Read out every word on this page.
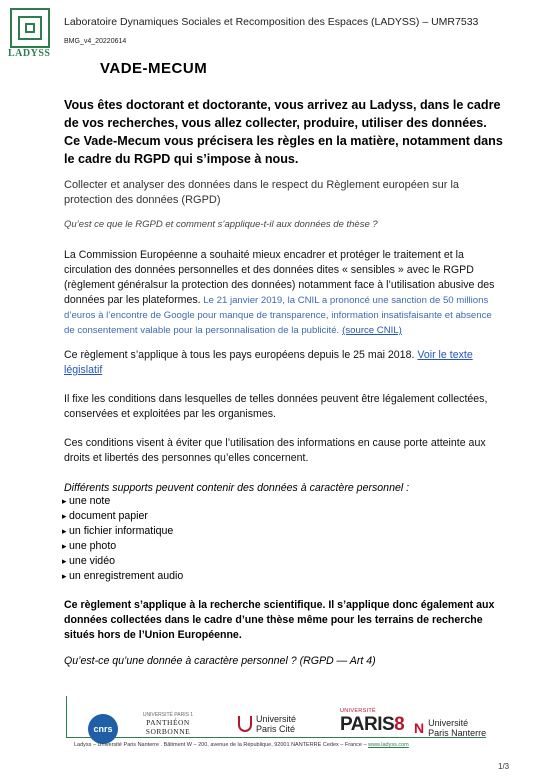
LADYSS
Laboratoire Dynamiques Sociales et Recomposition des Espaces (LADYSS) – UMR7533
BMG_v4_20220614
VADE-MECUM
Vous êtes doctorant et doctorante, vous arrivez au Ladyss, dans le cadre de vos recherches, vous allez collecter, produire, utiliser des données. Ce Vade-Mecum vous précisera les règles en la matière, notamment dans le cadre du RGPD qui s’impose à nous.
Collecter et analyser des données dans le respect du Règlement européen sur la protection des données (RGPD)
Qu’est ce que le RGPD et comment s’applique-t-il aux données de thèse ?
La Commission Européenne a souhaité mieux encadrer et protéger le traitement et la circulation des données personnelles et des données dites « sensibles » avec le RGPD (règlement généralsur la protection des données) notamment face à l’utilisation abusive des données par les plateformes. Le 21 janvier 2019, la CNIL a prononcé une sanction de 50 millions d’euros à l’encontre de Google pour manque de transparence, information insatisfaisante et absence de consentement valable pour la personnalisation de la publicité. (source CNIL)
Ce règlement s’applique à tous les pays européens depuis le 25 mai 2018. Voir le texte législatif
Il fixe les conditions dans lesquelles de telles données peuvent être légalement collectées, conservées et exploitées par les organismes.
Ces conditions visent à éviter que l’utilisation des informations en cause porte atteinte aux droits et libertés des personnes qu’elles concernent.
Différents supports peuvent contenir des données à caractère personnel :
▸ une note
▸ document papier
▸ un fichier informatique
▸ une photo
▸ une vidéo
▸ un enregistrement audio
Ce règlement s’applique à la recherche scientifique. Il s’applique donc également aux données collectées dans le cadre d’une thèse même pour les terrains de recherche situés hors de l’Union Européenne.
Qu’est-ce qu’une donnée à caractère personnel ? (RGPD — Art 4)
cnrs
UNIVERSITÉ PARIS 1
PANTHÉON SORBONNE
Université
Paris Cité
UNIVERSITÉ
PARIS8 N Université
Paris Nanterre
Ladyss – Université Paris Nanterre . Bâtiment W – 200, avenue de la République, 92001 NANTERRE Cedex – France – www.ladyss.com
1/3
